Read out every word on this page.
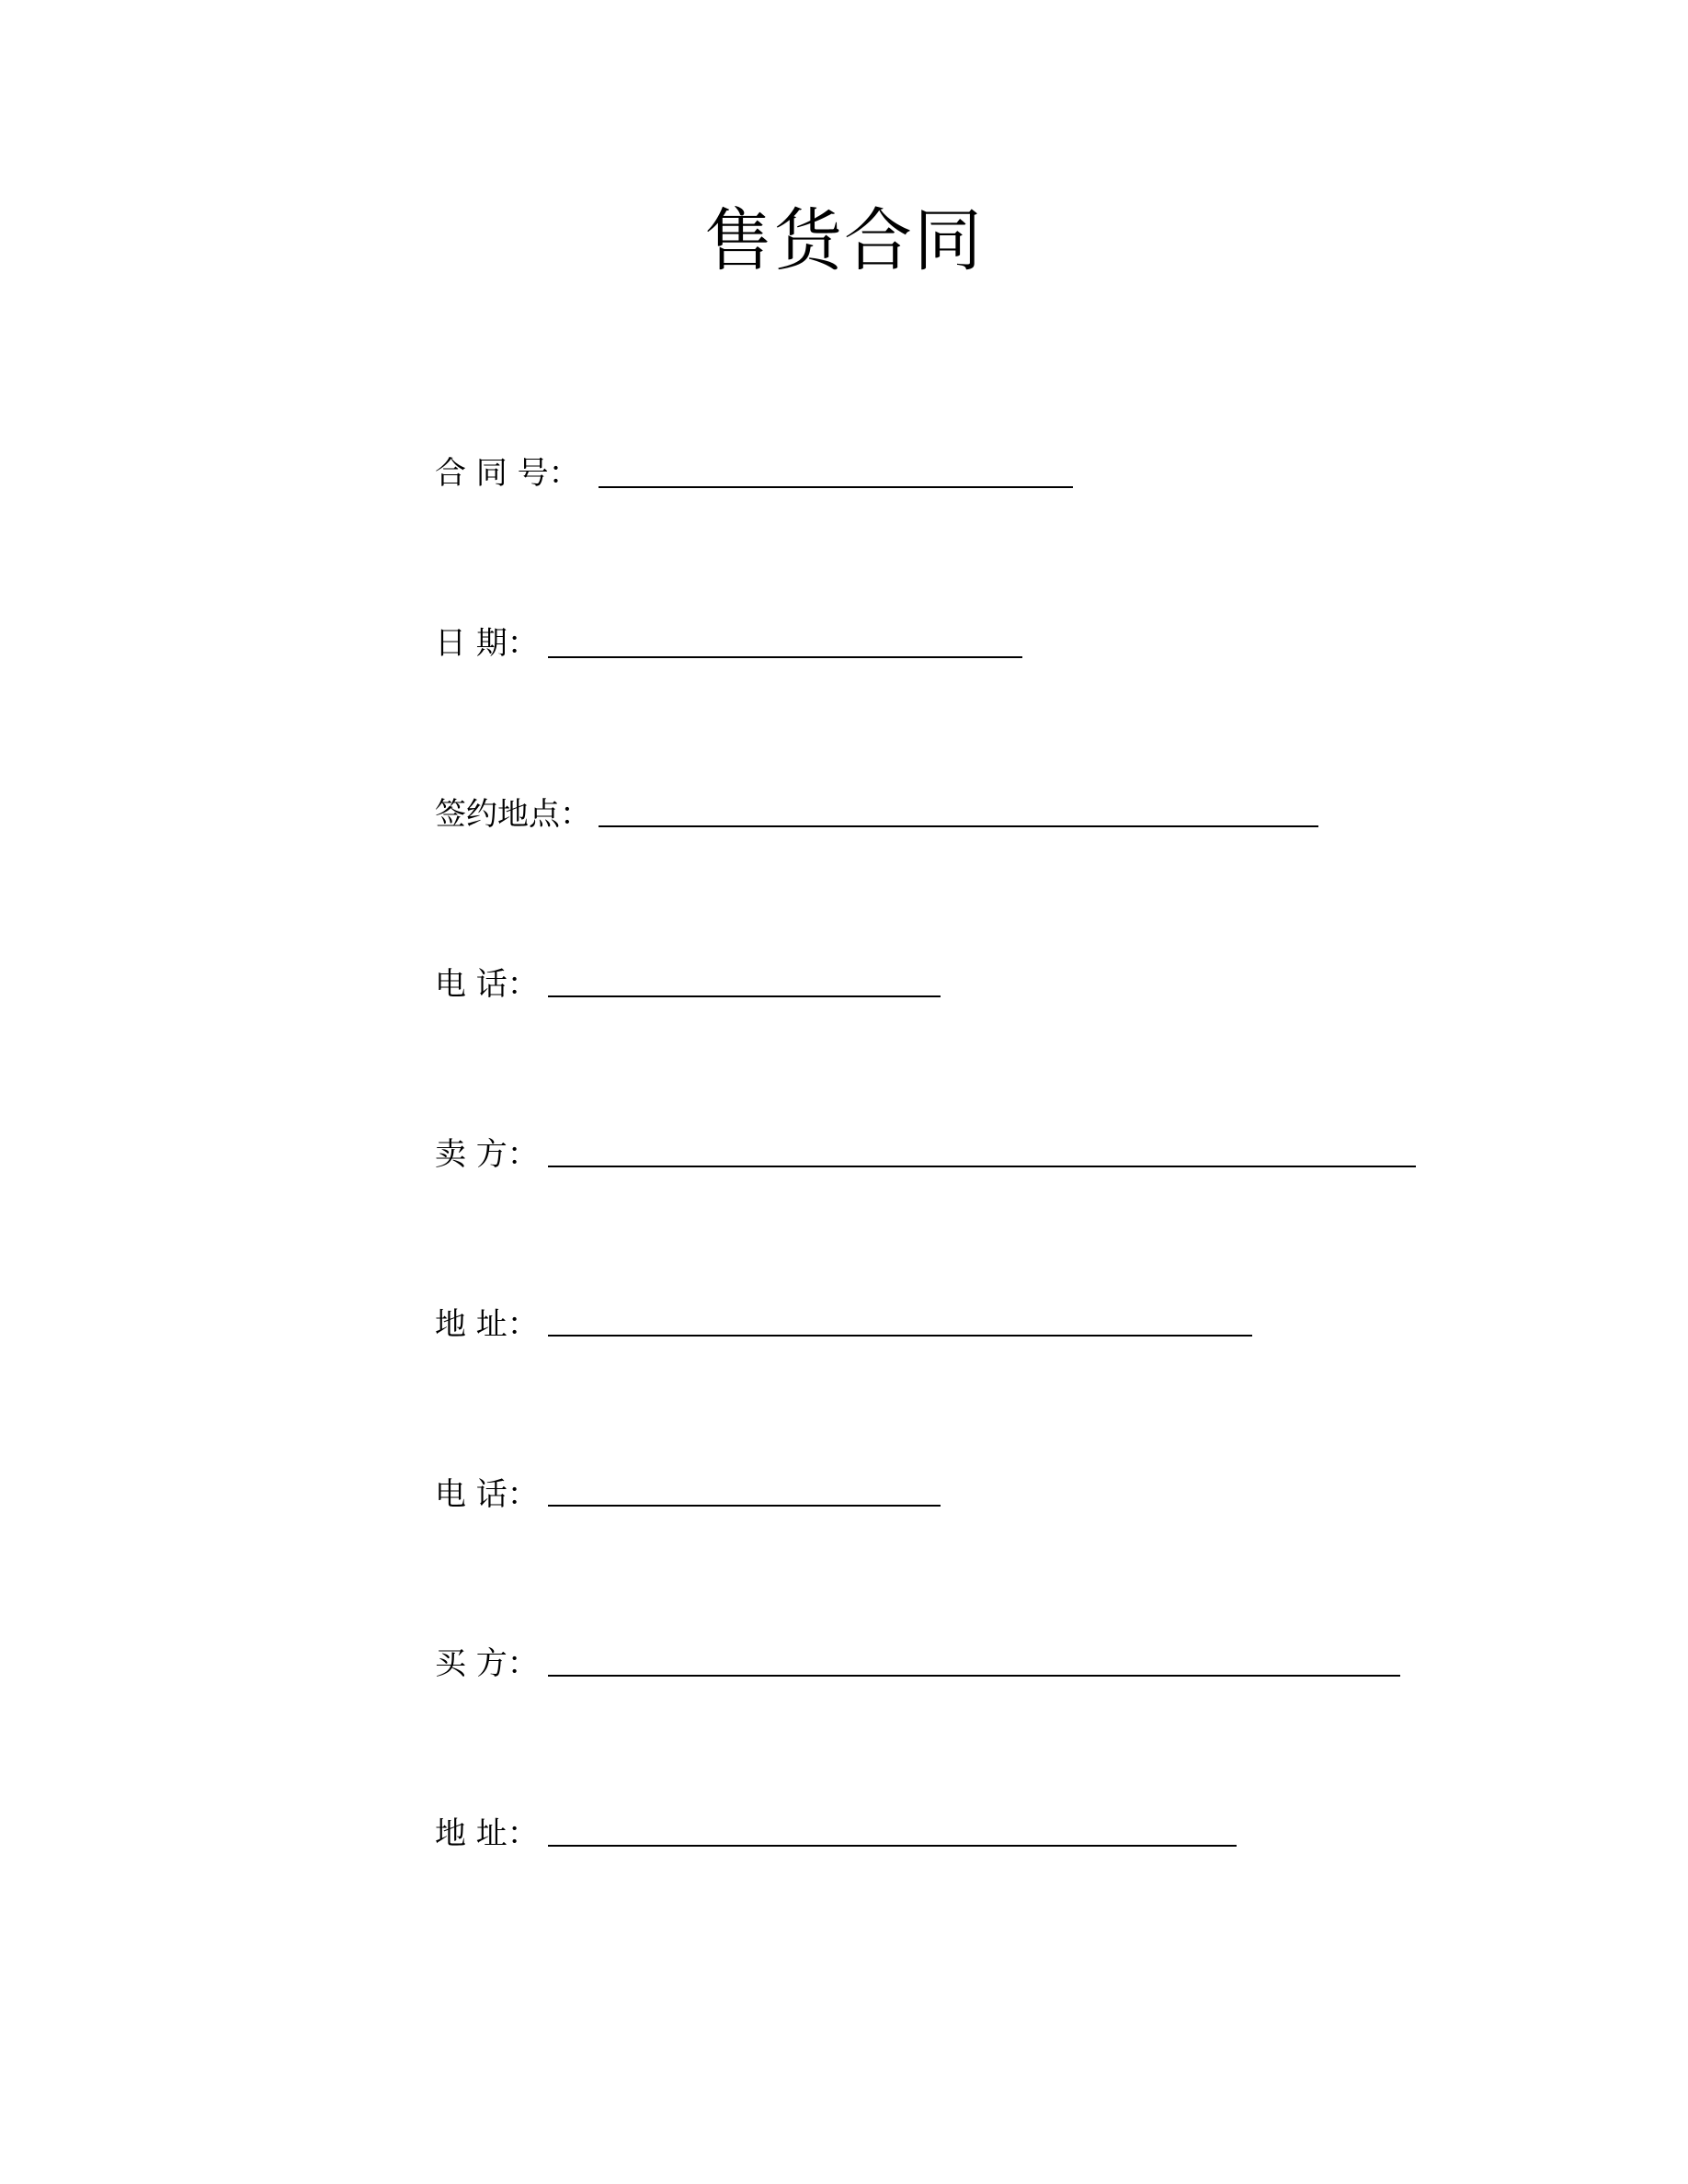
售货合同
合 同 号：
日 期：
签约地点：
电 话：
卖 方：
地 址：
电 话：
买 方：
地 址：
